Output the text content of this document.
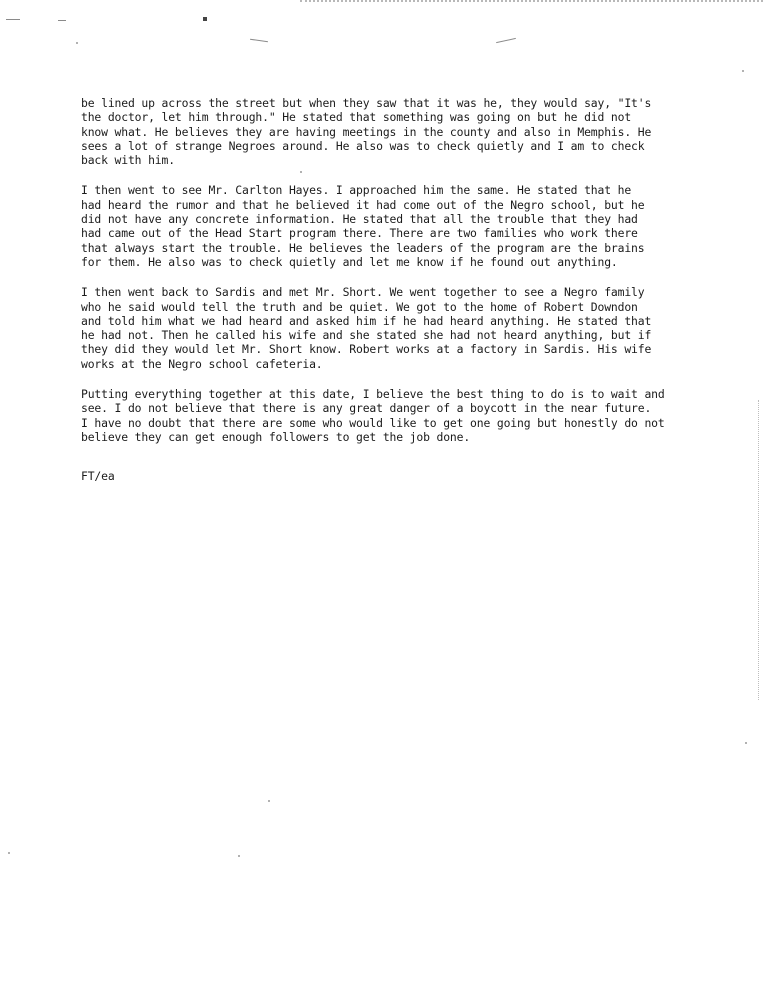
be lined up across the street but when they saw that it was he, they would say, "It's
the doctor, let him through." He stated that something was going on but he did not
know what. He believes they are having meetings in the county and also in Memphis. He
sees a lot of strange Negroes around. He also was to check quietly and I am to check
back with him.

I then went to see Mr. Carlton Hayes. I approached him the same. He stated that he
had heard the rumor and that he believed it had come out of the Negro school, but he
did not have any concrete information. He stated that all the trouble that they had
had came out of the Head Start program there. There are two families who work there
that always start the trouble. He believes the leaders of the program are the brains
for them. He also was to check quietly and let me know if he found out anything.

I then went back to Sardis and met Mr. Short. We went together to see a Negro family
who he said would tell the truth and be quiet. We got to the home of Robert Downdon
and told him what we had heard and asked him if he had heard anything. He stated that
he had not. Then he called his wife and she stated she had not heard anything, but if
they did they would let Mr. Short know. Robert works at a factory in Sardis. His wife
works at the Negro school cafeteria.

Putting everything together at this date, I believe the best thing to do is to wait and
see. I do not believe that there is any great danger of a boycott in the near future.
I have no doubt that there are some who would like to get one going but honestly do not
believe they can get enough followers to get the job done.

FT/ea
